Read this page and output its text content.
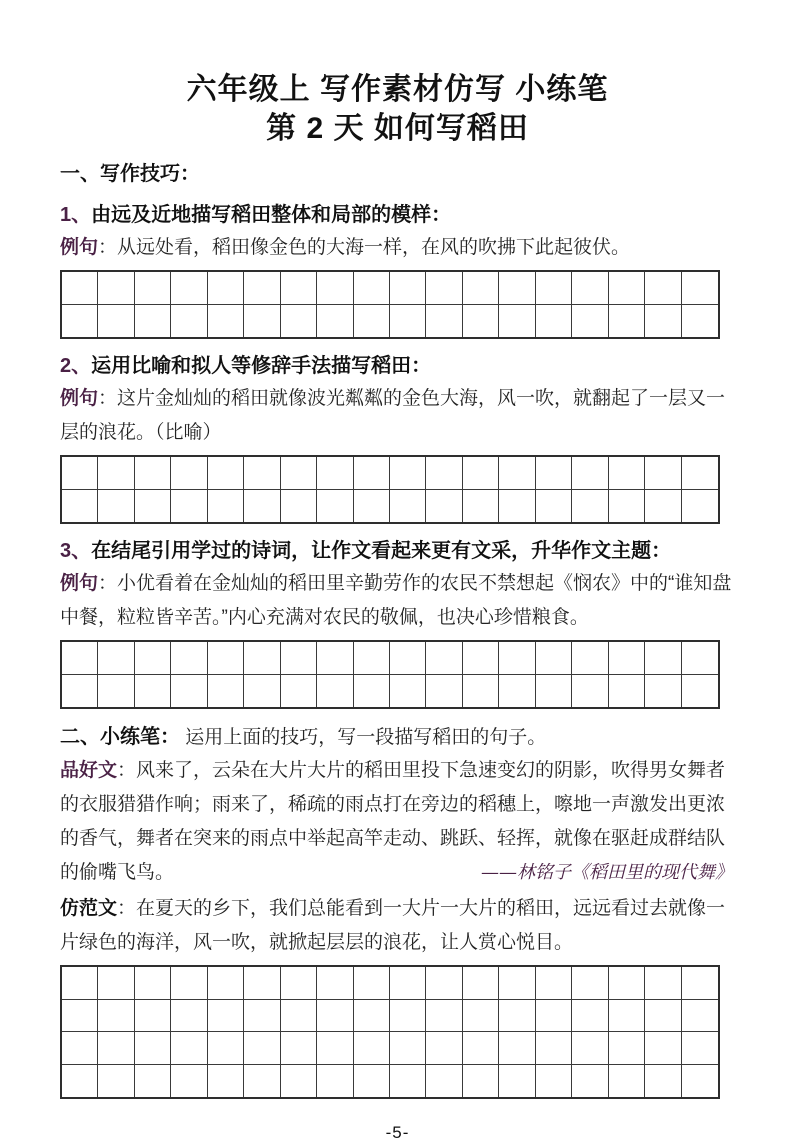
六年级上 写作素材仿写 小练笔
第 2 天 如何写稻田
一、写作技巧：
1、由远及近地描写稻田整体和局部的模样：
例句：从远处看，稻田像金色的大海一样，在风的吹拂下此起彼伏。
2、运用比喻和拟人等修辞手法描写稻田：
例句：这片金灿灿的稻田就像波光粼粼的金色大海，风一吹，就翻起了一层又一层的浪花。（比喻）
3、在结尾引用学过的诗词，让作文看起来更有文采，升华作文主题：
例句：小优看着在金灿灿的稻田里辛勤劳作的农民不禁想起《悯农》中的“谁知盘中餐，粒粒皆辛苦。”内心充满对农民的敬佩，也决心珍惜粮食。
二、小练笔： 运用上面的技巧，写一段描写稻田的句子。
品好文：风来了，云朵在大片大片的稻田里投下急速变幻的阴影，吹得男女舞者的衣服猎猎作响；雨来了，稀疏的雨点打在旁边的稻穗上，嚓地一声激发出更浓的香气，舞者在突来的雨点中举起高竿走动、跳跃、轻挥，就像在驱赶成群结队的偷嘴飞鸟。	——林铭子《稻田里的现代舞》
仿范文：在夏天的乡下，我们总能看到一大片一大片的稻田，远远看过去就像一片绿色的海洋，风一吹，就掀起层层的浪花，让人赏心悦目。
-5-
